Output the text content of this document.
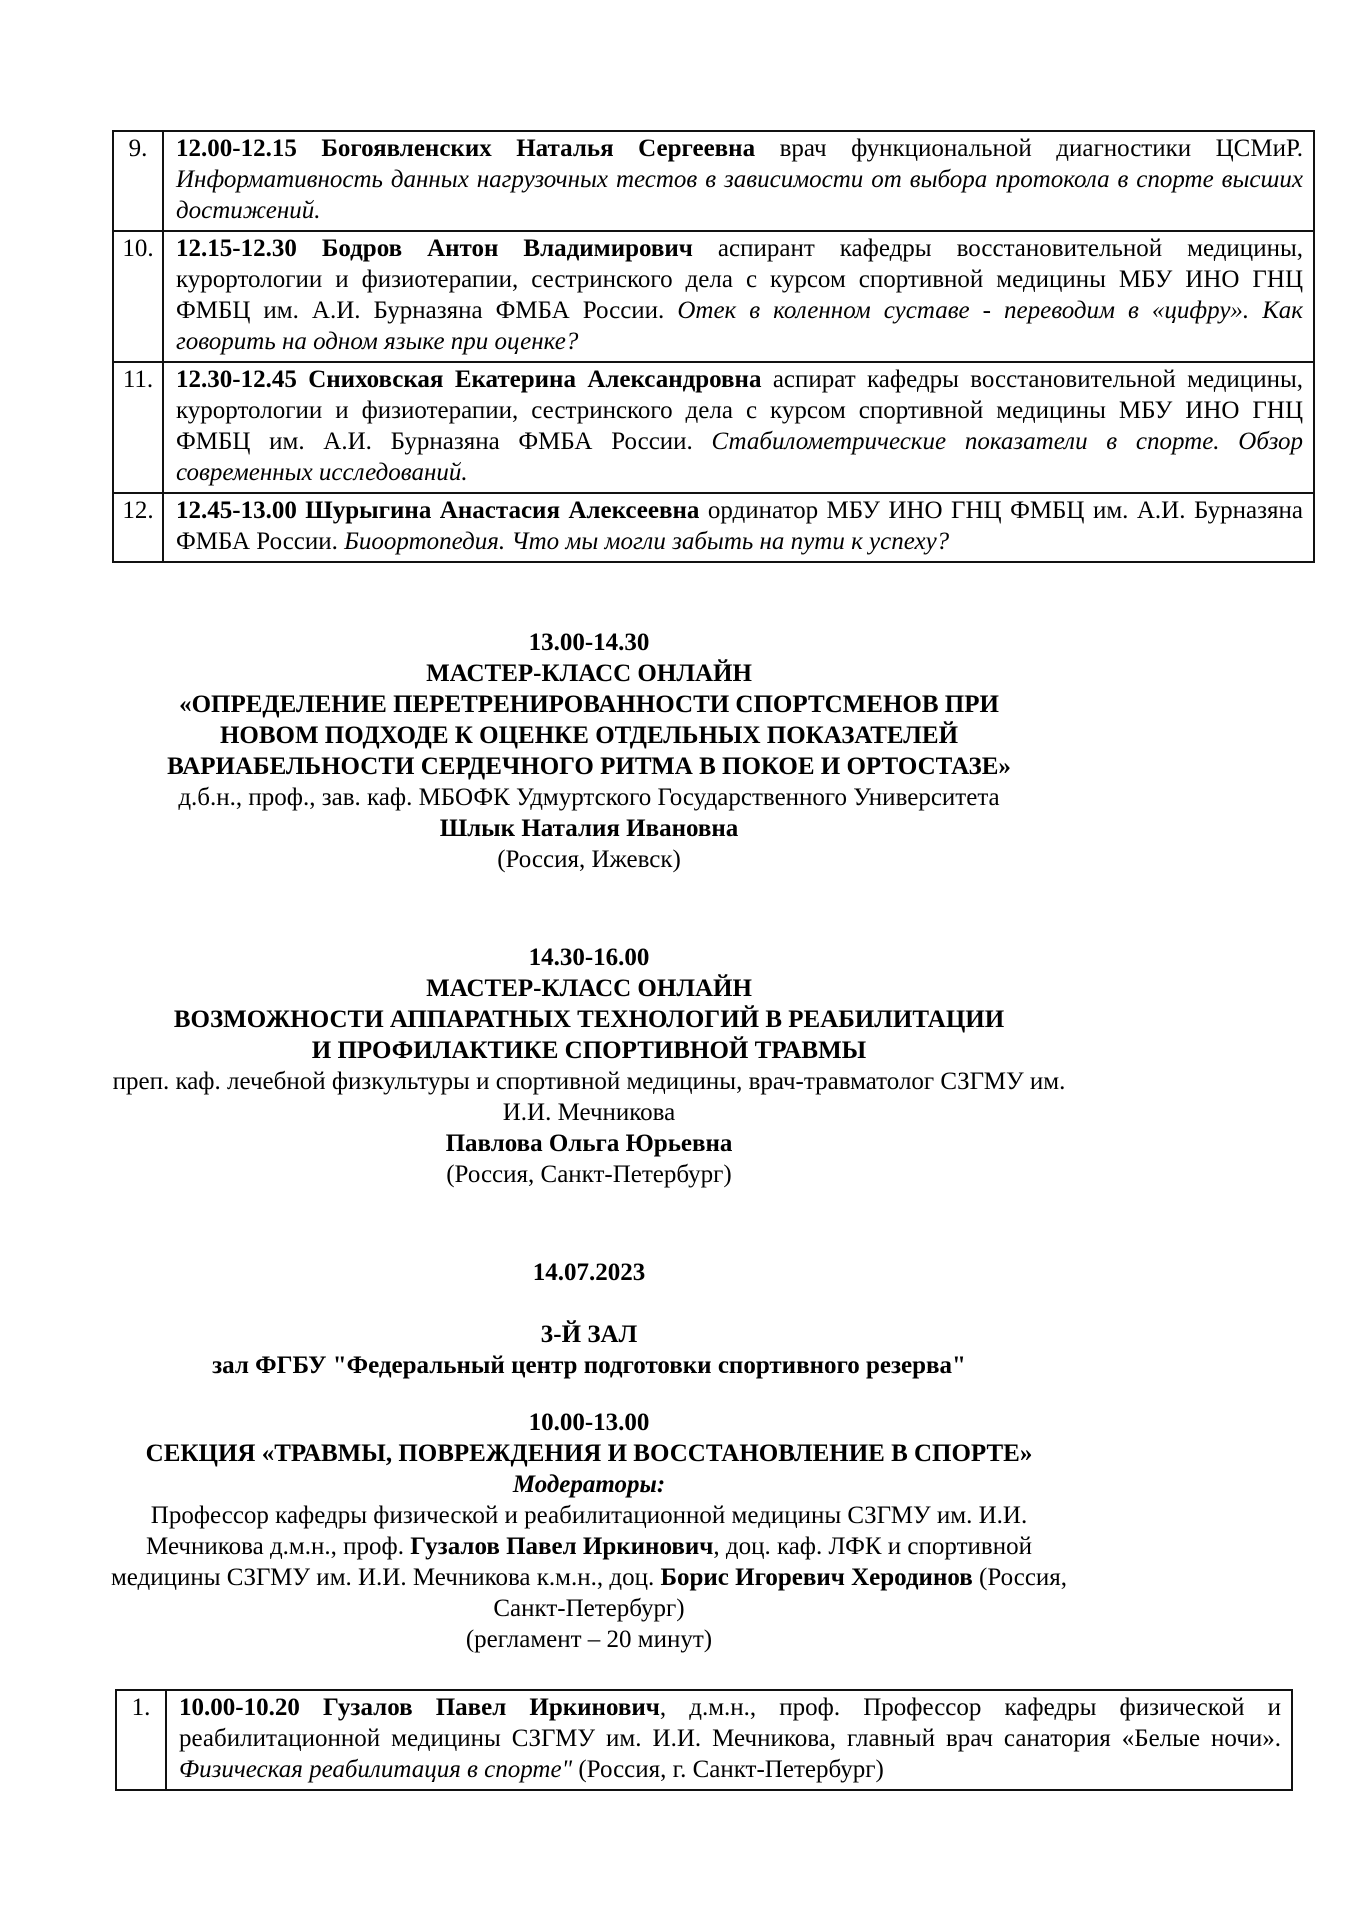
9.	12.00-12.15 Богоявленских Наталья Сергеевна врач функциональной диагностики ЦСМиР. Информативность данных нагрузочных тестов в зависимости от выбора протокола в спорте высших достижений.
10.	12.15-12.30 Бодров Антон Владимирович аспирант кафедры восстановительной медицины, курортологии и физиотерапии, сестринского дела с курсом спортивной медицины МБУ ИНО ГНЦ ФМБЦ им. А.И. Бурназяна ФМБА России. Отек в коленном суставе - переводим в «цифру». Как говорить на одном языке при оценке?
11.	12.30-12.45 Сниховская Екатерина Александровна аспират кафедры восстановительной медицины, курортологии и физиотерапии, сестринского дела с курсом спортивной медицины МБУ ИНО ГНЦ ФМБЦ им. А.И. Бурназяна ФМБА России. Стабилометрические показатели в спорте. Обзор современных исследований.
12.	12.45-13.00 Шурыгина Анастасия Алексеевна ординатор МБУ ИНО ГНЦ ФМБЦ им. А.И. Бурназяна ФМБА России. Биоортопедия. Что мы могли забыть на пути к успеху?

13.00-14.30

МАСТЕР-КЛАСС ОНЛАЙН

«ОПРЕДЕЛЕНИЕ ПЕРЕТРЕНИРОВАННОСТИ СПОРТСМЕНОВ ПРИ НОВОМ ПОДХОДЕ К ОЦЕНКЕ ОТДЕЛЬНЫХ ПОКАЗАТЕЛЕЙ ВАРИАБЕЛЬНОСТИ СЕРДЕЧНОГО РИТМА В ПОКОЕ И ОРТОСТАЗЕ»

д.б.н., проф., зав. каф. МБОФК Удмуртского Государственного Университета

Шлык Наталия Ивановна

(Россия, Ижевск)

14.30-16.00

МАСТЕР-КЛАСС ОНЛАЙН

ВОЗМОЖНОСТИ АППАРАТНЫХ ТЕХНОЛОГИЙ В РЕАБИЛИТАЦИИ И ПРОФИЛАКТИКЕ СПОРТИВНОЙ ТРАВМЫ

преп. каф. лечебной физкультуры и спортивной медицины, врач-травматолог СЗГМУ им. И.И. Мечникова

Павлова Ольга Юрьевна

(Россия, Санкт-Петербург)

14.07.2023

3-Й ЗАЛ

зал ФГБУ "Федеральный центр подготовки спортивного резерва"

10.00-13.00

СЕКЦИЯ «ТРАВМЫ, ПОВРЕЖДЕНИЯ И ВОССТАНОВЛЕНИЕ В СПОРТЕ»

Модераторы:

Профессор кафедры физической и реабилитационной медицины СЗГМУ им. И.И. Мечникова д.м.н., проф. Гузалов Павел Иркинович, доц. каф. ЛФК и спортивной медицины СЗГМУ им. И.И. Мечникова к.м.н., доц. Борис Игоревич Херодинов (Россия, Санкт-Петербург)

(регламент – 20 минут)

1.	10.00-10.20 Гузалов Павел Иркинович, д.м.н., проф. Профессор кафедры физической и реабилитационной медицины СЗГМУ им. И.И. Мечникова, главный врач санатория «Белые ночи». Физическая реабилитация в спорте" (Россия, г. Санкт-Петербург)
